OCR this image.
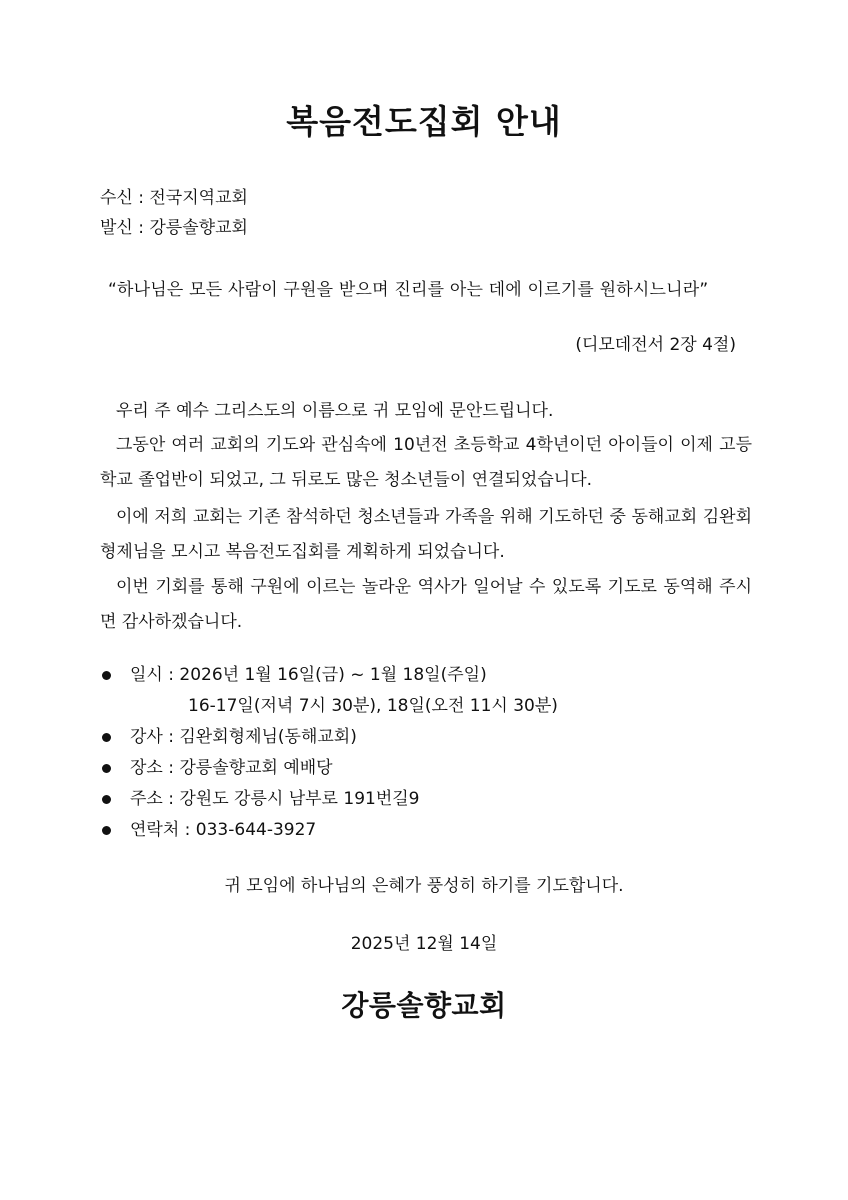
복음전도집회 안내
수신 : 전국지역교회
발신 : 강릉솔향교회
“하나님은 모든 사람이 구원을 받으며 진리를 아는 데에 이르기를 원하시느니라”
(디모데전서 2장 4절)
우리 주 예수 그리스도의 이름으로 귀 모임에 문안드립니다.
그동안 여러 교회의 기도와 관심속에 10년전 초등학교 4학년이던 아이들이 이제 고등학교 졸업반이 되었고, 그 뒤로도 많은 청소년들이 연결되었습니다.
이에 저희 교회는 기존 참석하던 청소년들과 가족을 위해 기도하던 중 동해교회 김완회형제님을 모시고 복음전도집회를 계획하게 되었습니다.
이번 기회를 통해 구원에 이르는 놀라운 역사가 일어날 수 있도록 기도로 동역해 주시면 감사하겠습니다.
일시 : 2026년 1월 16일(금) ~ 1월 18일(주일)
16-17일(저녁 7시 30분), 18일(오전 11시 30분)
강사 : 김완회형제님(동해교회)
장소 : 강릉솔향교회 예배당
주소 : 강원도 강릉시 남부로 191번길9
연락처 : 033-644-3927
귀 모임에 하나님의 은혜가 풍성히 하기를 기도합니다.
2025년 12월 14일
강릉솔향교회
